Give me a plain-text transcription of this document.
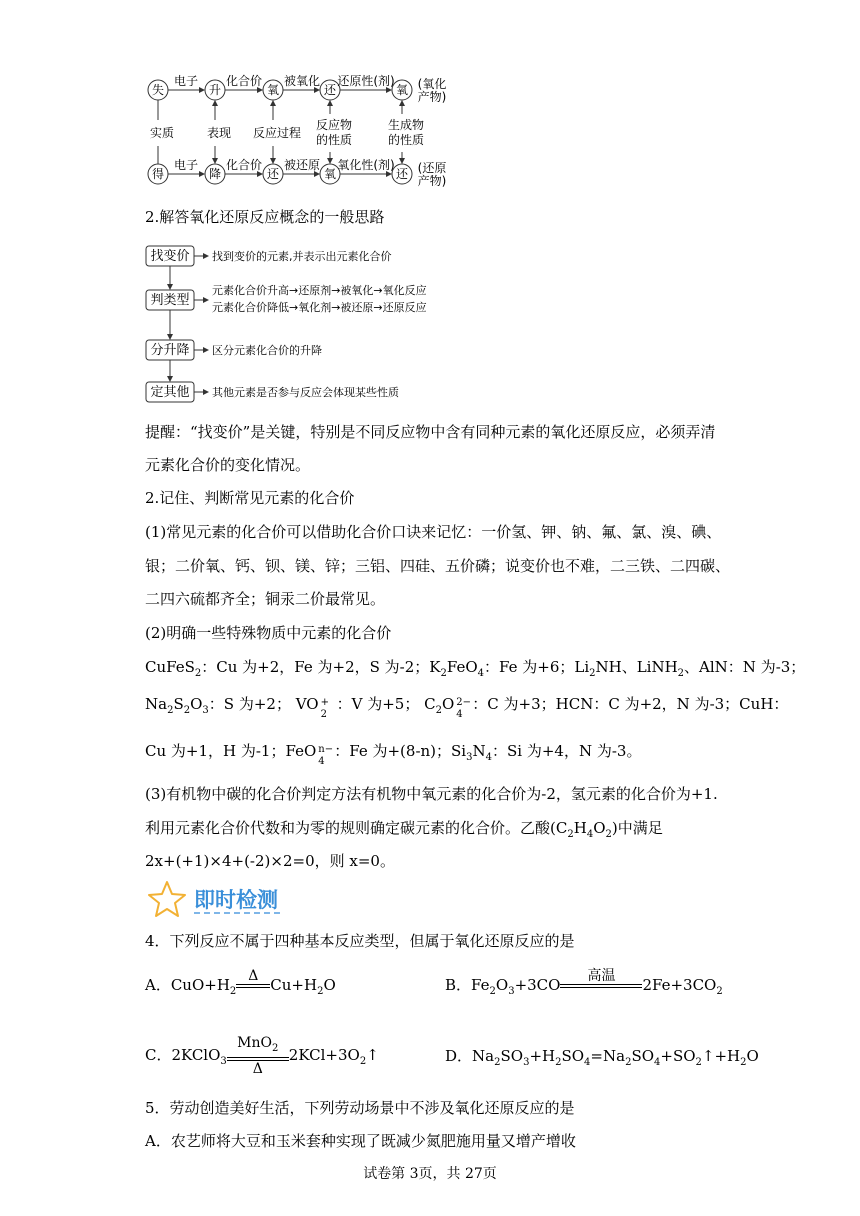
失	升	氧	还	氧
得	降	还	氧	还
电子 化合价 被氧化 还原性(剂)
电子 化合价 被还原 氧化性(剂)
(氧化
产物)
(还原
产物)
实质	表现 反应过程
反应物
的性质
生成物
的性质
2.解答氧化还原反应概念的一般思路
找变价
判类型
分升降
定其他
找到变价的元素,并表示出元素化合价
元素化合价升高→还原剂→被氧化→氧化反应
元素化合价降低→氧化剂→被还原→还原反应
区分元素化合价的升降
其他元素是否参与反应会体现某些性质
提醒：“找变价”是关键，特别是不同反应物中含有同种元素的氧化还原反应，必须弄清
元素化合价的变化情况。
2.记住、判断常见元素的化合价
(1)常见元素的化合价可以借助化合价口诀来记忆：一价氢、钾、钠、氟、氯、溴、碘、
银；二价氧、钙、钡、镁、锌；三铝、四硅、五价磷；说变价也不难，二三铁、二四碳、
二四六硫都齐全；铜汞二价最常见。
(2)明确一些特殊物质中元素的化合价
CuFeS$_2$：Cu 为+2，Fe 为+2，S 为-2；$K_2FeO_4$：Fe 为+6；$Li_2NH$、LiNH$_2$、AlN：N 为-3；
$Na_2S_2O_3$：S 为+2； VO +
2
：V 为+5； $C_2O$ 2−
4
：C 为+3；HCN：C 为+2，N 为-3；CuH：
Cu 为+1，H 为-1；FeO n−
4
：Fe 为+(8-n)；$Si_3N_4$：Si 为+4，N 为-3。
(3)有机物中碳的化合价判定方法有机物中氧元素的化合价为-2，氢元素的化合价为+1.
利用元素化合价代数和为零的规则确定碳元素的化合价。乙酸$(C_2H_4O_2)$中满足
2x+(+1)×4+(-2)×2=0，则 x=0。
即时检测
4．下列反应不属于四种基本反应类型，但属于氧化还原反应的是
A．$CuO+H_2$
Δ
$Cu+H_2O$	B．$Fe_2O_3+3CO$	高温
	$2Fe+3CO_2$
C．2KClO$_3$
MnO$_2$
Δ
$2KCl+3O_2↑$	D．$Na_2SO_3+H_2SO_4=Na_2SO_4+SO_2↑+H_2O$
5．劳动创造美好生活，下列劳动场景中不涉及氧化还原反应的是
A．农艺师将大豆和玉米套种实现了既减少氮肥施用量又增产增收
试卷第 3页，共 27页
